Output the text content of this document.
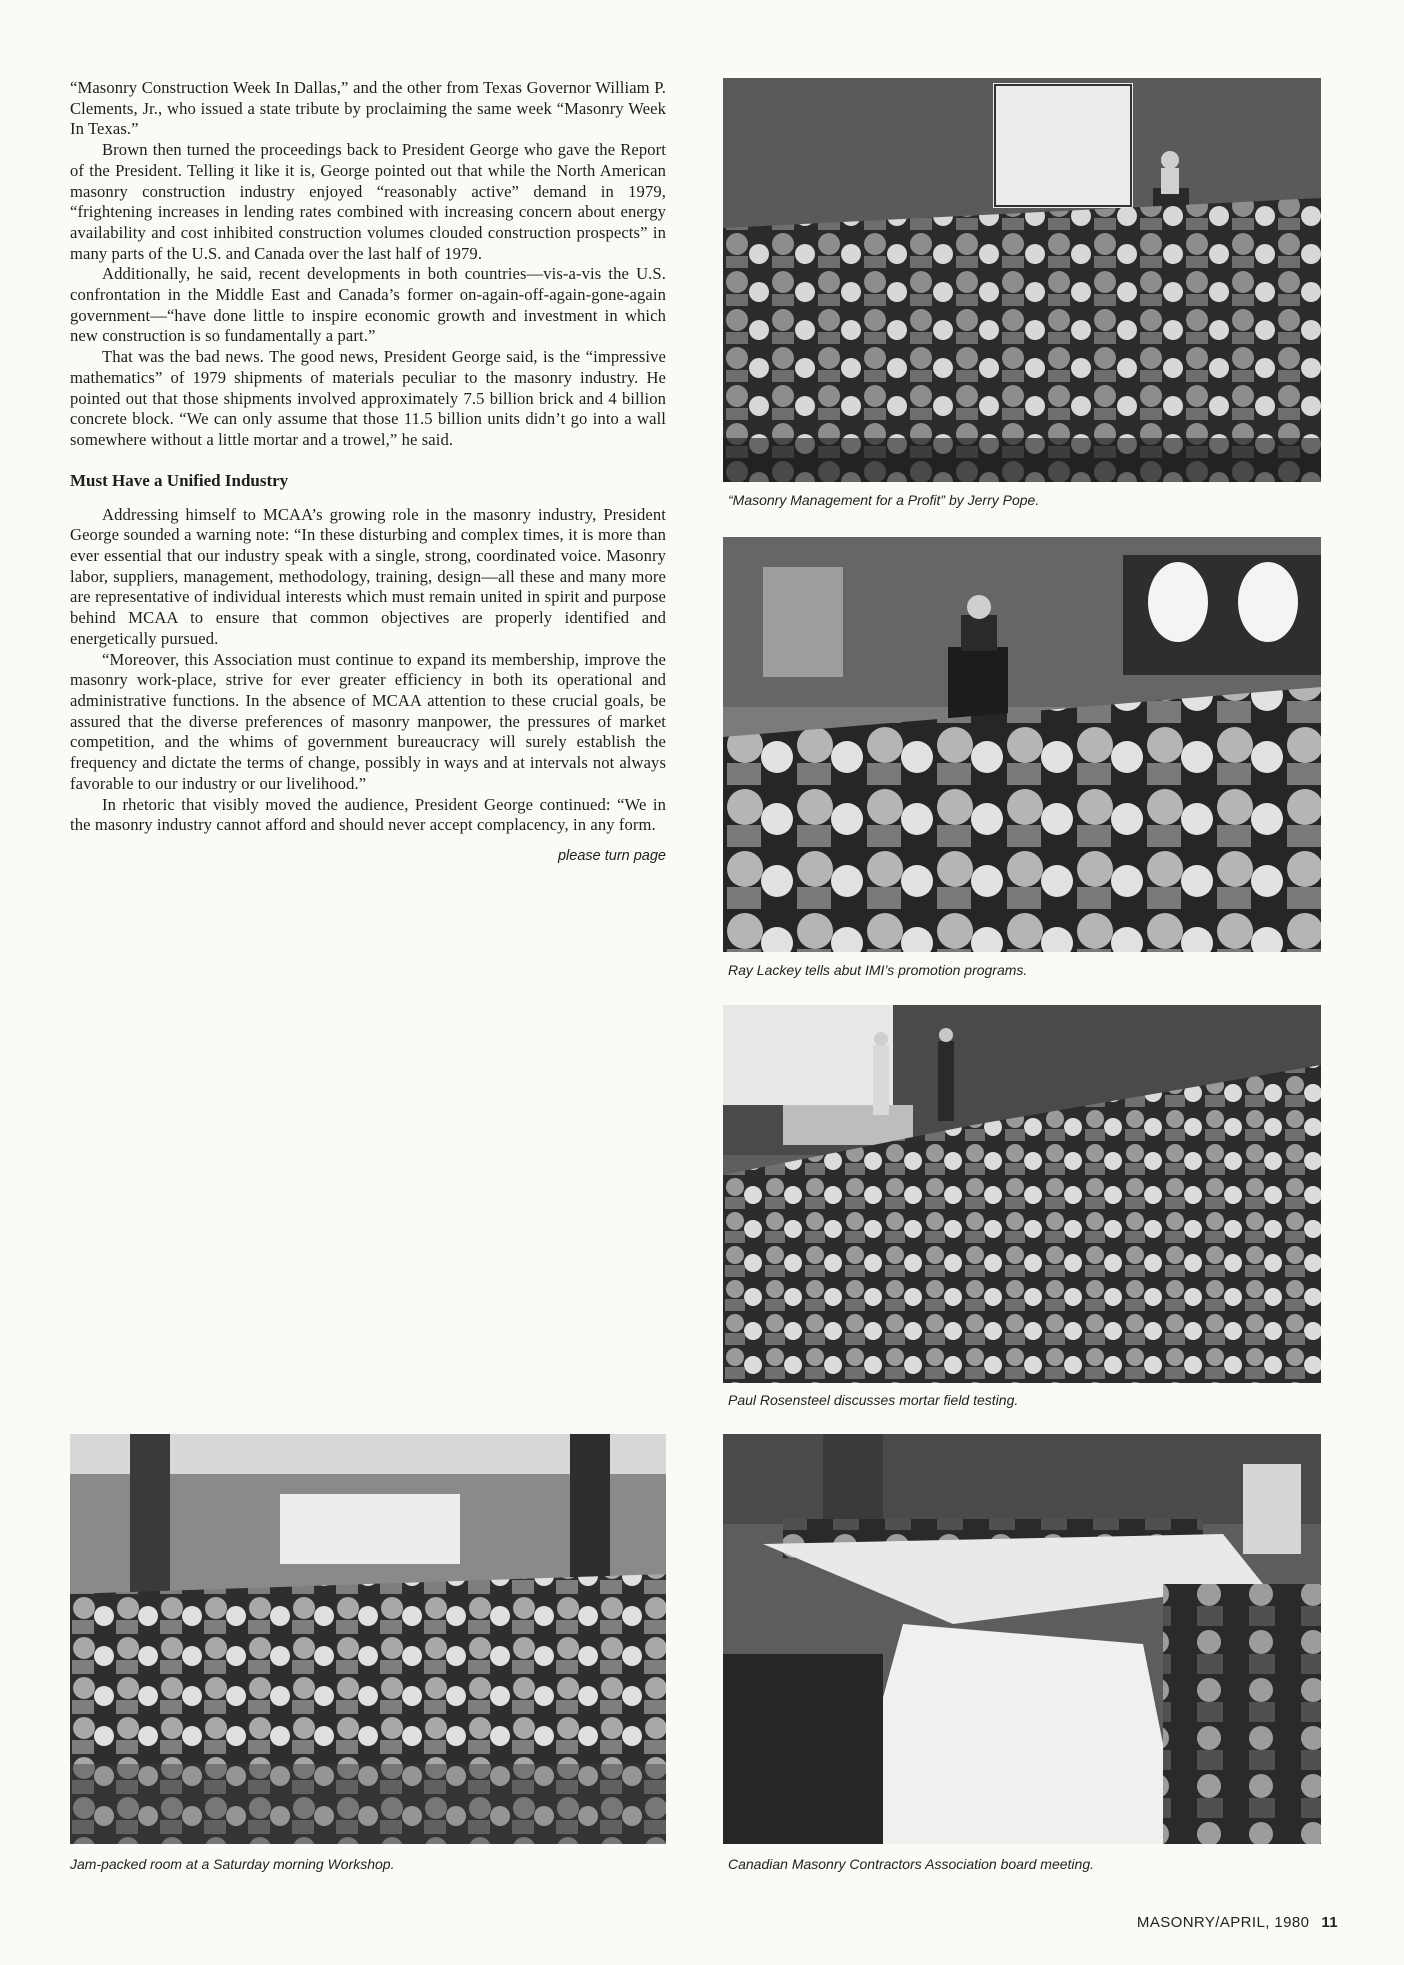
“Masonry Construction Week In Dallas,” and the other from Texas Governor William P. Clements, Jr., who issued a state tribute by proclaiming the same week “Masonry Week In Texas.”

Brown then turned the proceedings back to President George who gave the Report of the President. Telling it like it is, George pointed out that while the North American masonry construction industry enjoyed “reasonably active” demand in 1979, “frightening increases in lending rates combined with increasing concern about energy availability and cost inhibited construction volumes clouded construction prospects” in many parts of the U.S. and Canada over the last half of 1979.

Additionally, he said, recent developments in both countries—vis-a-vis the U.S. confrontation in the Middle East and Canada’s former on-again-off-again-gone-again government—“have done little to inspire economic growth and investment in which new construction is so fundamentally a part.”

That was the bad news. The good news, President George said, is the “impressive mathematics” of 1979 shipments of materials peculiar to the masonry industry. He pointed out that those shipments involved approximately 7.5 billion brick and 4 billion concrete block. “We can only assume that those 11.5 billion units didn’t go into a wall somewhere without a little mortar and a trowel,” he said.

Must Have a Unified Industry

Addressing himself to MCAA’s growing role in the masonry industry, President George sounded a warning note: “In these disturbing and complex times, it is more than ever essential that our industry speak with a single, strong, coordinated voice. Masonry labor, suppliers, management, methodology, training, design—all these and many more are representative of individual interests which must remain united in spirit and purpose behind MCAA to ensure that common objectives are properly identified and energetically pursued.

“Moreover, this Association must continue to expand its membership, improve the masonry work-place, strive for ever greater efficiency in both its operational and administrative functions. In the absence of MCAA attention to these crucial goals, be assured that the diverse preferences of masonry manpower, the pressures of market competition, and the whims of government bureaucracy will surely establish the frequency and dictate the terms of change, possibly in ways and at intervals not always favorable to our industry or our livelihood.”

In rhetoric that visibly moved the audience, President George continued: “We in the masonry industry cannot afford and should never accept complacency, in any form.

please turn page
“Masonry Management for a Profit” by Jerry Pope.
Ray Lackey tells abut IMI’s promotion programs.
Paul Rosensteel discusses mortar field testing.
Jam-packed room at a Saturday morning Workshop.	Canadian Masonry Contractors Association board meeting.
MASONRY/APRIL, 1980 11
